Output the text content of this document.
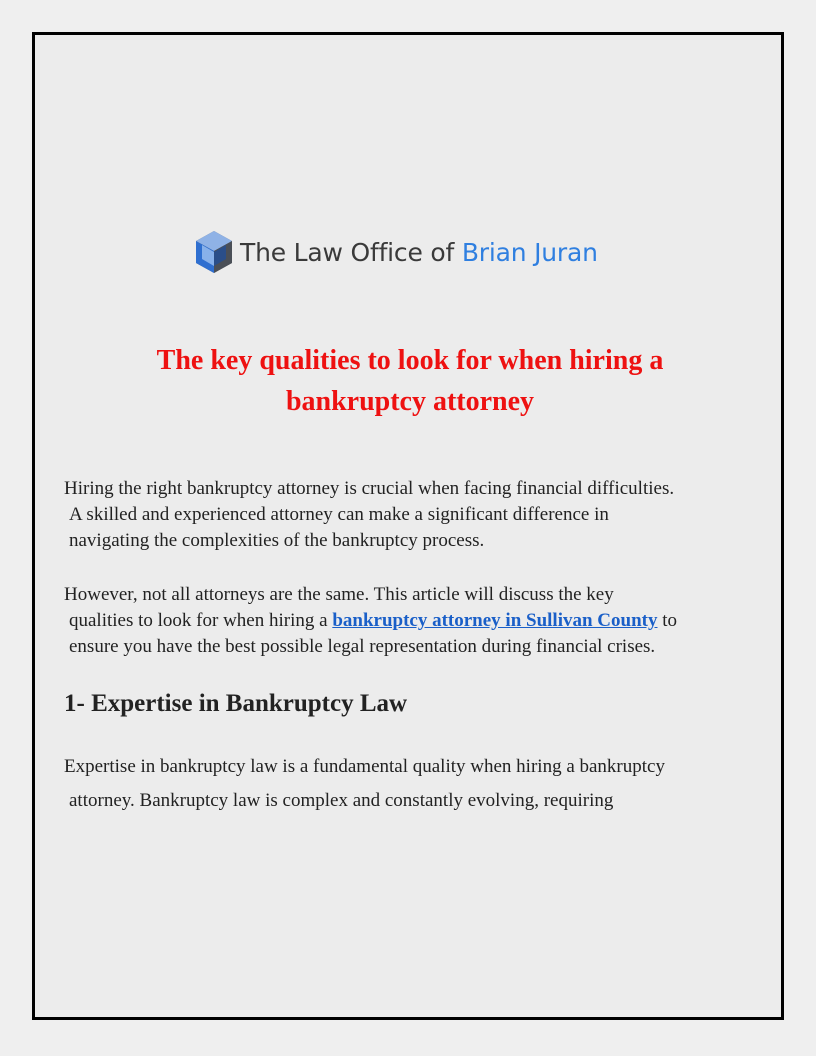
The Law Office of Brian Juran
The key qualities to look for when hiring a
bankruptcy attorney

Hiring the right bankruptcy attorney is crucial when facing financial difficulties.
A skilled and experienced attorney can make a significant difference in
navigating the complexities of the bankruptcy process.

However, not all attorneys are the same. This article will discuss the key
qualities to look for when hiring a bankruptcy attorney in Sullivan County to
ensure you have the best possible legal representation during financial crises.

1- Expertise in Bankruptcy Law

Expertise in bankruptcy law is a fundamental quality when hiring a bankruptcy
attorney. Bankruptcy law is complex and constantly evolving, requiring
